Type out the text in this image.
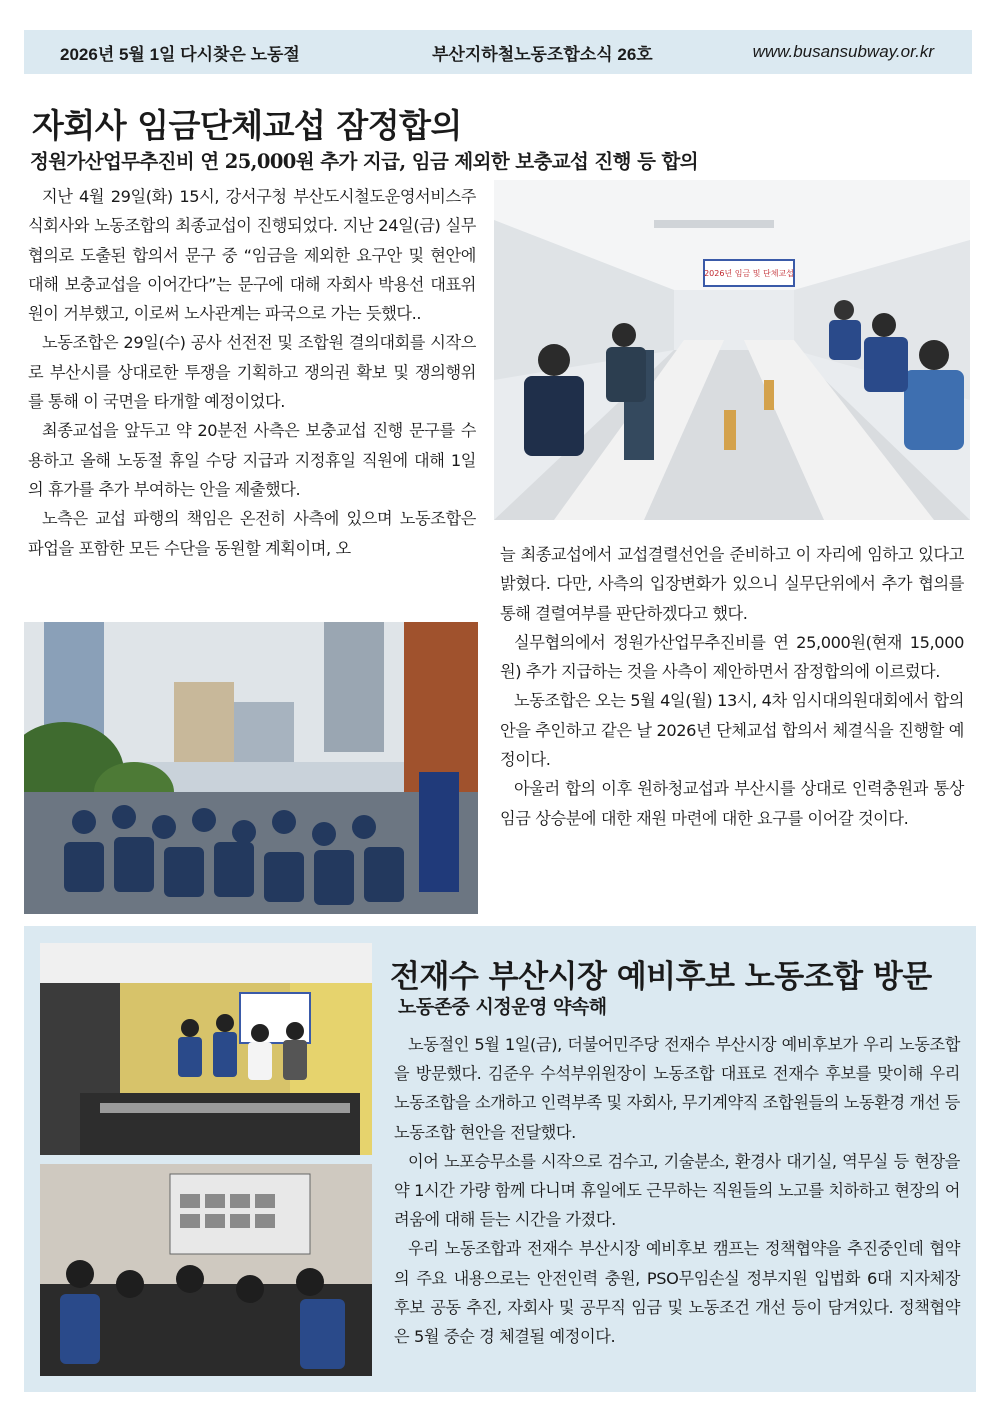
2026년 5월 1일 다시찾은 노동절	부산지하철노동조합소식 26호	www.busansubway.or.kr
자회사 임금단체교섭 잠정합의
정원가산업무추진비 연 25,000원 추가 지급, 임금 제외한 보충교섭 진행 등 합의

지난 4월 29일(화) 15시, 강서구청 부산도시철도운영서비스주식회사와 노동조합의 최종교섭이 진행되었다. 지난 24일(금) 실무협의로 도출된 합의서 문구 중 “임금을 제외한 요구안 및 현안에 대해 보충교섭을 이어간다”는 문구에 대해 자회사 박용선 대표위원이 거부했고, 이로써 노사관계는 파국으로 가는 듯했다..

노동조합은 29일(수) 공사 선전전 및 조합원 결의대회를 시작으로 부산시를 상대로한 투쟁을 기획하고 쟁의권 확보 및 쟁의행위를 통해 이 국면을 타개할 예정이었다.

최종교섭을 앞두고 약 20분전 사측은 보충교섭 진행 문구를 수용하고 올해 노동절 휴일 수당 지급과 지정휴일 직원에 대해 1일의 휴가를 추가 부여하는 안을 제출했다.

노측은 교섭 파행의 책임은 온전히 사측에 있으며 노동조합은 파업을 포함한 모든 수단을 동원할 계획이며, 오	늘 최종교섭에서 교섭결렬선언을 준비하고 이 자리에 임하고 있다고 밝혔다. 다만, 사측의 입장변화가 있으니 실무단위에서 추가 협의를 통해 결렬여부를 판단하겠다고 했다.

실무협의에서 정원가산업무추진비를 연 25,000원(현재 15,000원) 추가 지급하는 것을 사측이 제안하면서 잠정합의에 이르렀다.

노동조합은 오는 5월 4일(월) 13시, 4차 임시대의원대회에서 합의안을 추인하고 같은 날 2026년 단체교섭 합의서 체결식을 진행할 예정이다.

아울러 합의 이후 원하청교섭과 부산시를 상대로 인력충원과 통상임금 상승분에 대한 재원 마련에 대한 요구를 이어갈 것이다.

2026년 임금 및 단체교섭
전재수 부산시장 예비후보 노동조합 방문
노동존중 시정운영 약속해

노동절인 5월 1일(금), 더불어민주당 전재수 부산시장 예비후보가 우리 노동조합을 방문했다. 김준우 수석부위원장이 노동조합 대표로 전재수 후보를 맞이해 우리 노동조합을 소개하고 인력부족 및 자회사, 무기계약직 조합원들의 노동환경 개선 등 노동조합 현안을 전달했다.

이어 노포승무소를 시작으로 검수고, 기술분소, 환경사 대기실, 역무실 등 현장을 약 1시간 가량 함께 다니며 휴일에도 근무하는 직원들의 노고를 치하하고 현장의 어려움에 대해 듣는 시간을 가졌다.

우리 노동조합과 전재수 부산시장 예비후보 캠프는 정책협약을 추진중인데 협약의 주요 내용으로는 안전인력 충원, PSO무임손실 정부지원 입법화 6대 지자체장 후보 공동 추진, 자회사 및 공무직 임금 및 노동조건 개선 등이 담겨있다. 정책협약은 5월 중순 경 체결될 예정이다.
